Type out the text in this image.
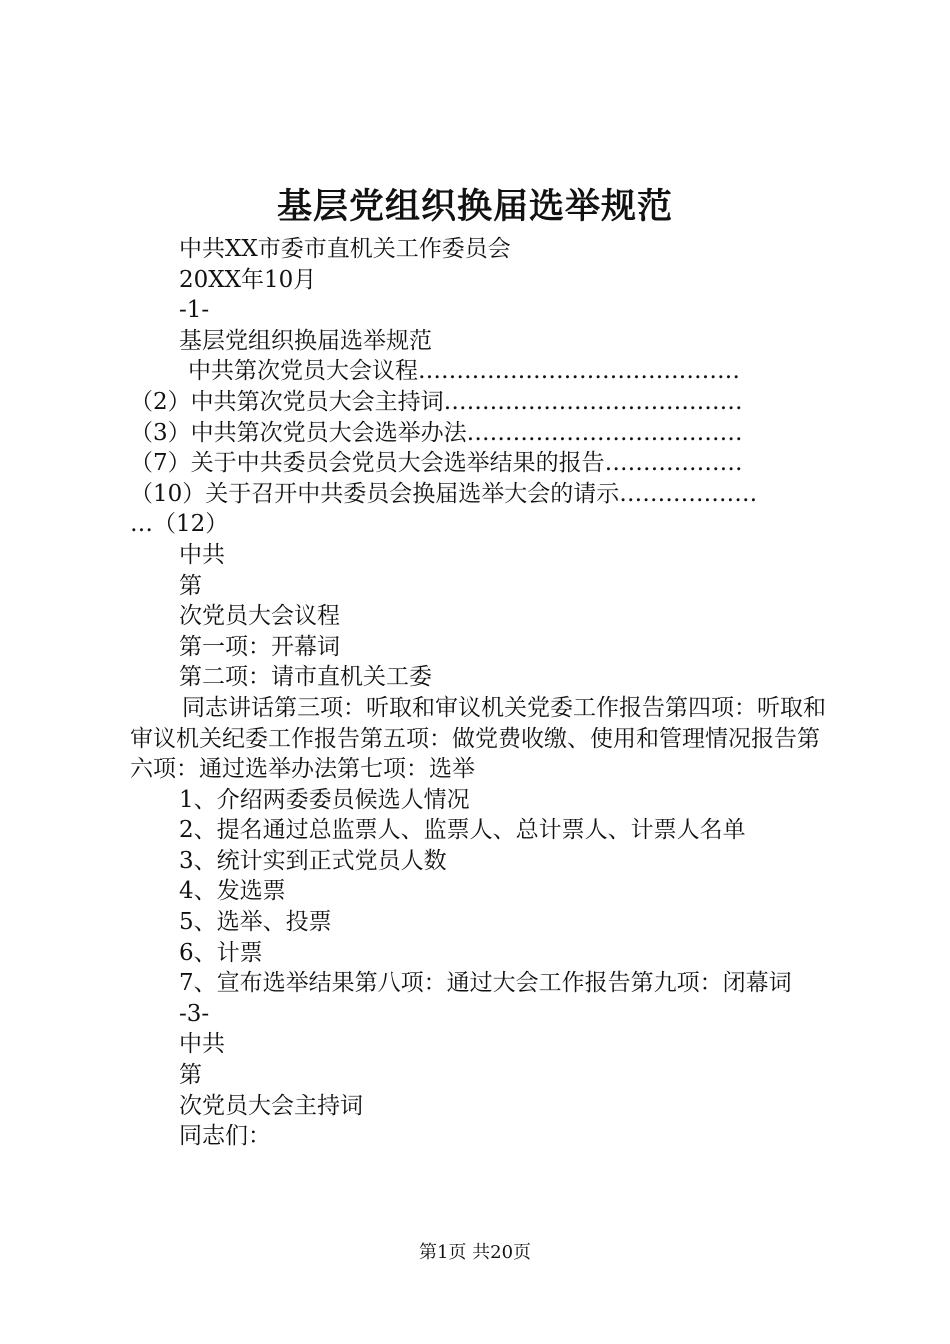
基层党组织换届选举规范
中共XX市委市直机关工作委员会
20XX年10月
-1-
基层党组织换届选举规范
中共第次党员大会议程 ……………………………………
（2）中共第次党员大会主持词 …………………………………
（3）中共第次党员大会选举办法 ………………………………
（7）关于中共委员会党员大会选举结果的报告 ………………
（10）关于召开中共委员会换届选举大会的请示 ………………
…（12）
中共
第
次党员大会议程
第一项：开幕词
第二项：请市直机关工委
同志讲话第三项：听取和审议机关党委工作报告第四项：听取和审议机关纪委工作报告第五项：做党费收缴、使用和管理情况报告第六项：通过选举办法第七项：选举
1、介绍两委委员候选人情况
2、提名通过总监票人、监票人、总计票人、计票人名单
3、统计实到正式党员人数
4、发选票
5、选举、投票
6、计票
7、宣布选举结果第八项：通过大会工作报告第九项：闭幕词
-3-
中共
第
次党员大会主持词
同志们：
第1页 共20页
